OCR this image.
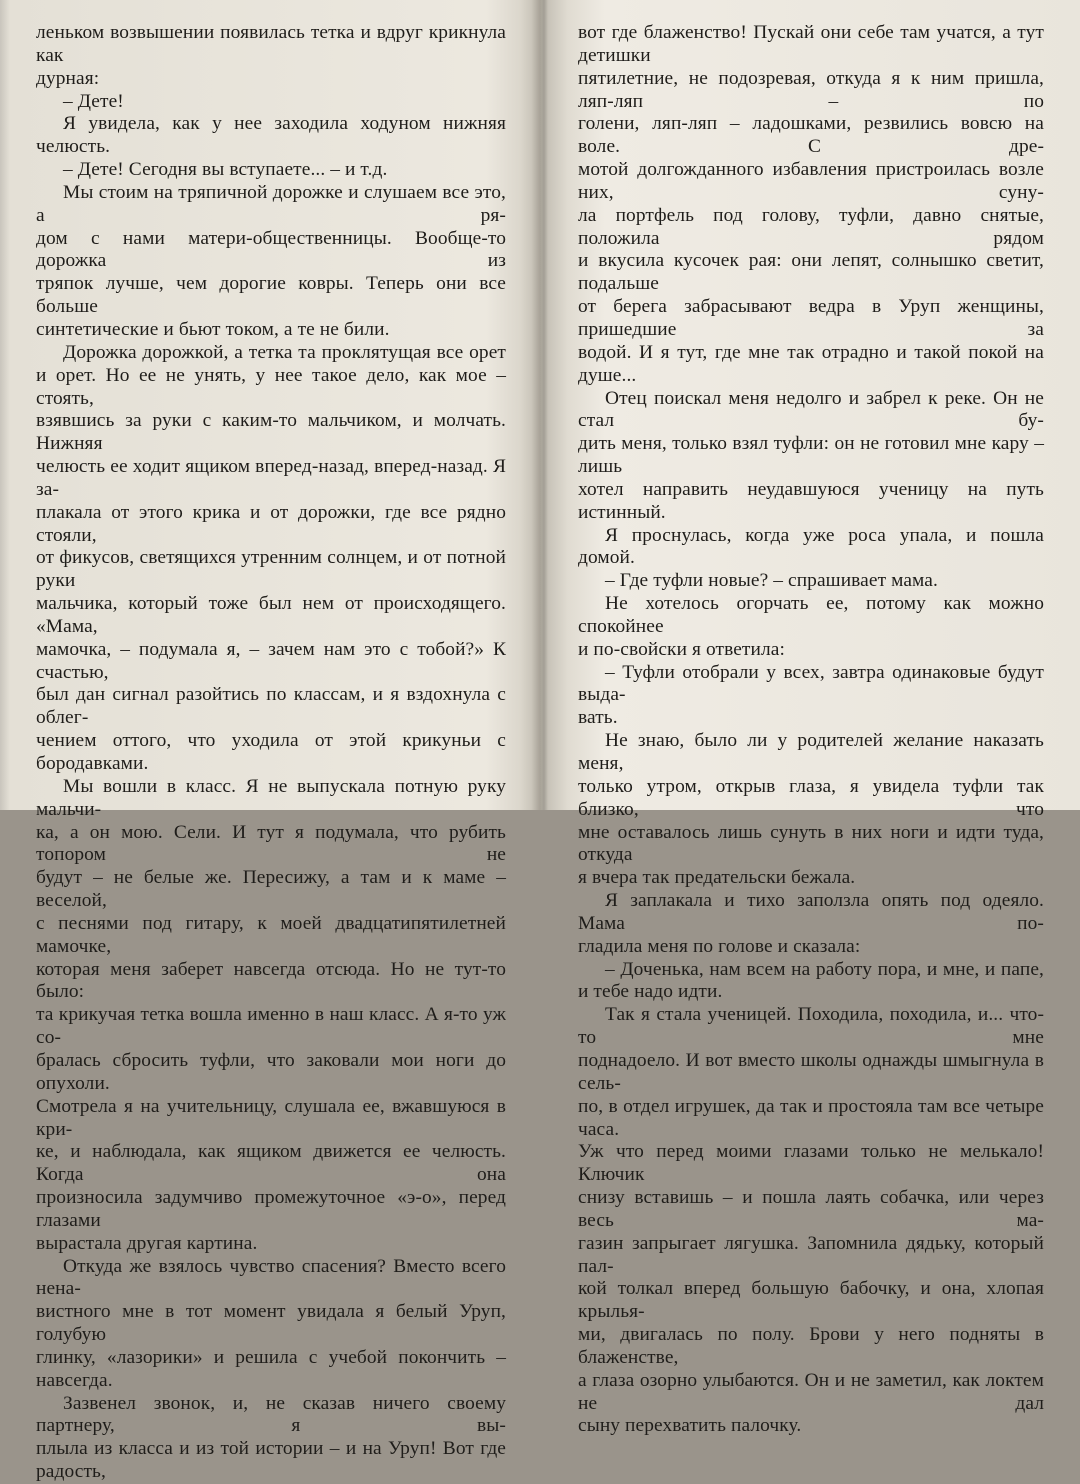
леньком возвышении появилась тетка и вдруг крикнула как

дурная:

– Дете!

Я увидела, как у нее заходила ходуном нижняя челюсть.

– Дете! Сегодня вы вступаете... – и т.д.

Мы стоим на тряпичной дорожке и слушаем все это, а ря-

дом с нами матери-общественницы. Вообще-то дорожка из

тряпок лучше, чем дорогие ковры. Теперь они все больше

синтетические и бьют током, а те не били.

Дорожка дорожкой, а тетка та проклятущая все орет

и орет. Но ее не унять, у нее такое дело, как мое – стоять,

взявшись за руки с каким-то мальчиком, и молчать. Нижняя

челюсть ее ходит ящиком вперед-назад, вперед-назад. Я за-

плакала от этого крика и от дорожки, где все рядно стояли,

от фикусов, светящихся утренним солнцем, и от потной руки

мальчика, который тоже был нем от происходящего. «Мама,

мамочка, – подумала я, – зачем нам это с тобой?» К счастью,

был дан сигнал разойтись по классам, и я вздохнула с облег-

чением оттого, что уходила от этой крикуньи с бородавками.

Мы вошли в класс. Я не выпускала потную руку мальчи-

ка, а он мою. Сели. И тут я подумала, что рубить топором не

будут – не белые же. Пересижу, а там и к маме – веселой,

с песнями под гитару, к моей двадцатипятилетней мамочке,

которая меня заберет навсегда отсюда. Но не тут-то было:

та крикучая тетка вошла именно в наш класс. А я-то уж со-

бралась сбросить туфли, что заковали мои ноги до опухоли.

Смотрела я на учительницу, слушала ее, вжавшуюся в кри-

ке, и наблюдала, как ящиком движется ее челюсть. Когда она

произносила задумчиво промежуточное «э-о», перед глазами

вырастала другая картина.

Откуда же взялось чувство спасения? Вместо всего нена-

вистного мне в тот момент увидала я белый Уруп, голубую

глинку, «лазорики» и решила с учебой покончить – навсегда.

Зазвенел звонок, и, не сказав ничего своему партнеру, я вы-

плыла из класса и из той истории – и на Уруп! Вот где радость,

вот где блаженство! Пускай они себе там учатся, а тут детишки

пятилетние, не подозревая, откуда я к ним пришла, ляп-ляп – по

голени, ляп-ляп – ладошками, резвились вовсю на воле. С дре-

мотой долгожданного избавления пристроилась возле них, суну-

ла портфель под голову, туфли, давно снятые, положила рядом

и вкусила кусочек рая: они лепят, солнышко светит, подальше

от берега забрасывают ведра в Уруп женщины, пришедшие за

водой. И я тут, где мне так отрадно и такой покой на душе...

Отец поискал меня недолго и забрел к реке. Он не стал бу-

дить меня, только взял туфли: он не готовил мне кару – лишь

хотел направить неудавшуюся ученицу на путь истинный.

Я проснулась, когда уже роса упала, и пошла домой.

– Где туфли новые? – спрашивает мама.

Не хотелось огорчать ее, потому как можно спокойнее

и по-свойски я ответила:

– Туфли отобрали у всех, завтра одинаковые будут выда-

вать.

Не знаю, было ли у родителей желание наказать меня,

только утром, открыв глаза, я увидела туфли так близко, что

мне оставалось лишь сунуть в них ноги и идти туда, откуда

я вчера так предательски бежала.

Я заплакала и тихо заползла опять под одеяло. Мама по-

гладила меня по голове и сказала:

– Доченька, нам всем на работу пора, и мне, и папе,

и тебе надо идти.

Так я стала ученицей. Походила, походила, и... что-то мне

поднадоело. И вот вместо школы однажды шмыгнула в сель-

по, в отдел игрушек, да так и простояла там все четыре часа.

Уж что перед моими глазами только не мелькало! Ключик

снизу вставишь – и пошла лаять собачка, или через весь ма-

газин запрыгает лягушка. Запомнила дядьку, который пал-

кой толкал вперед большую бабочку, и она, хлопая крылья-

ми, двигалась по полу. Брови у него подняты в блаженстве,

а глаза озорно улыбаются. Он и не заметил, как локтем не дал

сыну перехватить палочку.
